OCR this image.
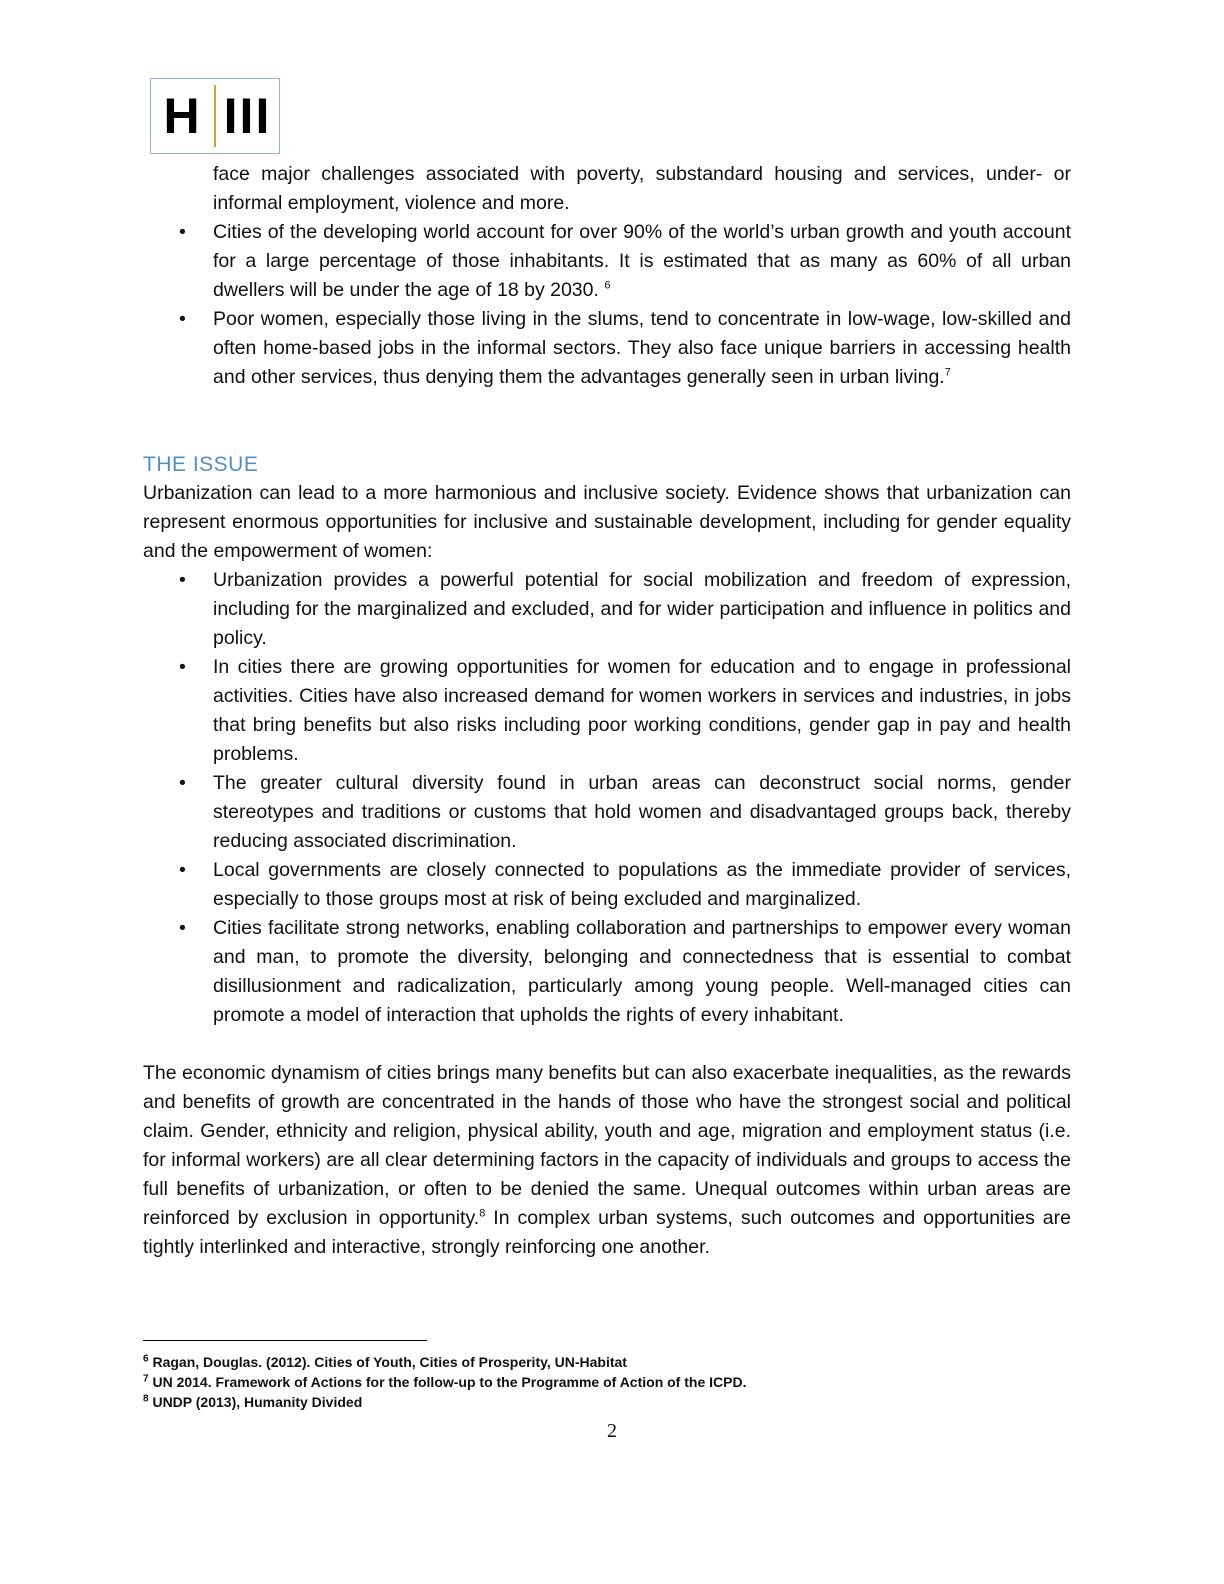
H III
face major challenges associated with poverty, substandard housing and services, under- or informal employment, violence and more.
• Cities of the developing world account for over 90% of the world’s urban growth and youth account for a large percentage of those inhabitants. It is estimated that as many as 60% of all urban dwellers will be under the age of 18 by 2030. $^6$
• Poor women, especially those living in the slums, tend to concentrate in low-wage, low-skilled and often home-based jobs in the informal sectors. They also face unique barriers in accessing health and other services, thus denying them the advantages generally seen in urban living.$^7$
THE ISSUE

Urbanization can lead to a more harmonious and inclusive society. Evidence shows that urbanization can represent enormous opportunities for inclusive and sustainable development, including for gender equality and the empowerment of women:

• Urbanization provides a powerful potential for social mobilization and freedom of expression, including for the marginalized and excluded, and for wider participation and influence in politics and policy.
• In cities there are growing opportunities for women for education and to engage in professional activities. Cities have also increased demand for women workers in services and industries, in jobs that bring benefits but also risks including poor working conditions, gender gap in pay and health problems.
• The greater cultural diversity found in urban areas can deconstruct social norms, gender stereotypes and traditions or customs that hold women and disadvantaged groups back, thereby reducing associated discrimination.
• Local governments are closely connected to populations as the immediate provider of services, especially to those groups most at risk of being excluded and marginalized.
• Cities facilitate strong networks, enabling collaboration and partnerships to empower every woman and man, to promote the diversity, belonging and connectedness that is essential to combat disillusionment and radicalization, particularly among young people. Well-managed cities can promote a model of interaction that upholds the rights of every inhabitant.

The economic dynamism of cities brings many benefits but can also exacerbate inequalities, as the rewards and benefits of growth are concentrated in the hands of those who have the strongest social and political claim. Gender, ethnicity and religion, physical ability, youth and age, migration and employment status (i.e. for informal workers) are all clear determining factors in the capacity of individuals and groups to access the full benefits of urbanization, or often to be denied the same. Unequal outcomes within urban areas are reinforced by exclusion in opportunity.$^8$ In complex urban systems, such outcomes and opportunities are tightly interlinked and interactive, strongly reinforcing one another.

$^6$ Ragan, Douglas. (2012). Cities of Youth, Cities of Prosperity, UN-Habitat
$^7$ UN 2014. Framework of Actions for the follow-up to the Programme of Action of the ICPD.
$^8$ UNDP (2013), Humanity Divided
2
